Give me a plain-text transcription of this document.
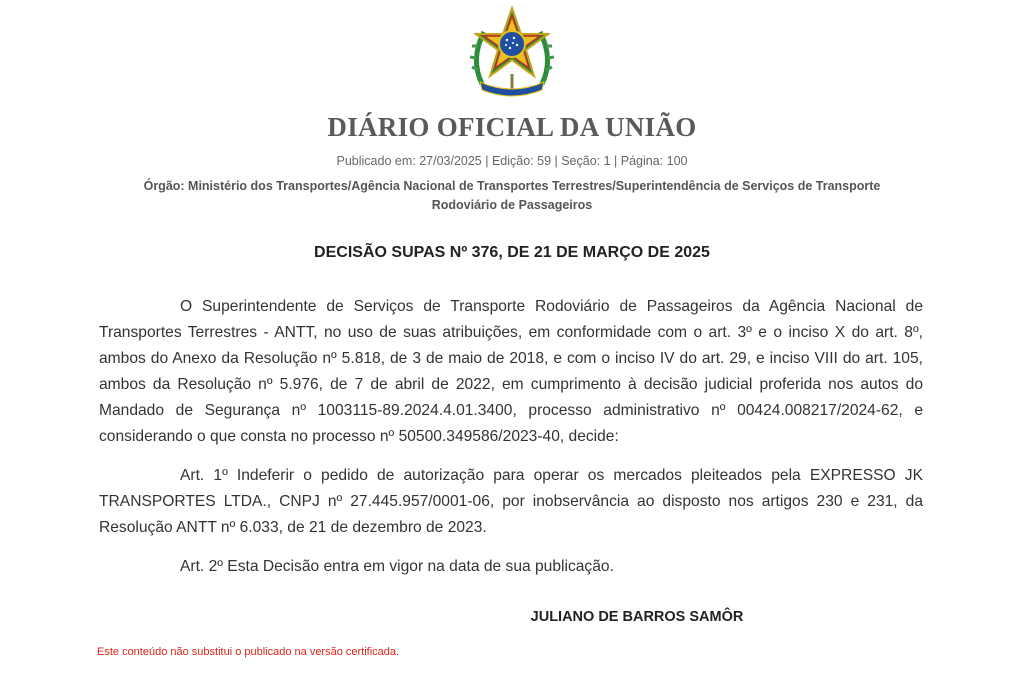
DIÁRIO OFICIAL DA UNIÃO
Publicado em: 27/03/2025 | Edição: 59 | Seção: 1 | Página: 100
Órgão: Ministério dos Transportes/Agência Nacional de Transportes Terrestres/Superintendência de Serviços de Transporte Rodoviário de Passageiros
DECISÃO SUPAS Nº 376, DE 21 DE MARÇO DE 2025

O Superintendente de Serviços de Transporte Rodoviário de Passageiros da Agência Nacional de Transportes Terrestres - ANTT, no uso de suas atribuições, em conformidade com o art. 3º e o inciso X do art. 8º, ambos do Anexo da Resolução nº 5.818, de 3 de maio de 2018, e com o inciso IV do art. 29, e inciso VIII do art. 105, ambos da Resolução nº 5.976, de 7 de abril de 2022, em cumprimento à decisão judicial proferida nos autos do Mandado de Segurança nº 1003115-89.2024.4.01.3400, processo administrativo nº 00424.008217/2024-62, e considerando o que consta no processo nº 50500.349586/2023-40, decide:

Art. 1º Indeferir o pedido de autorização para operar os mercados pleiteados pela EXPRESSO JK TRANSPORTES LTDA., CNPJ nº 27.445.957/0001-06, por inobservância ao disposto nos artigos 230 e 231, da Resolução ANTT nº 6.033, de 21 de dezembro de 2023.

Art. 2º Esta Decisão entra em vigor na data de sua publicação.

JULIANO DE BARROS SAMÔR
Este conteúdo não substitui o publicado na versão certificada.
